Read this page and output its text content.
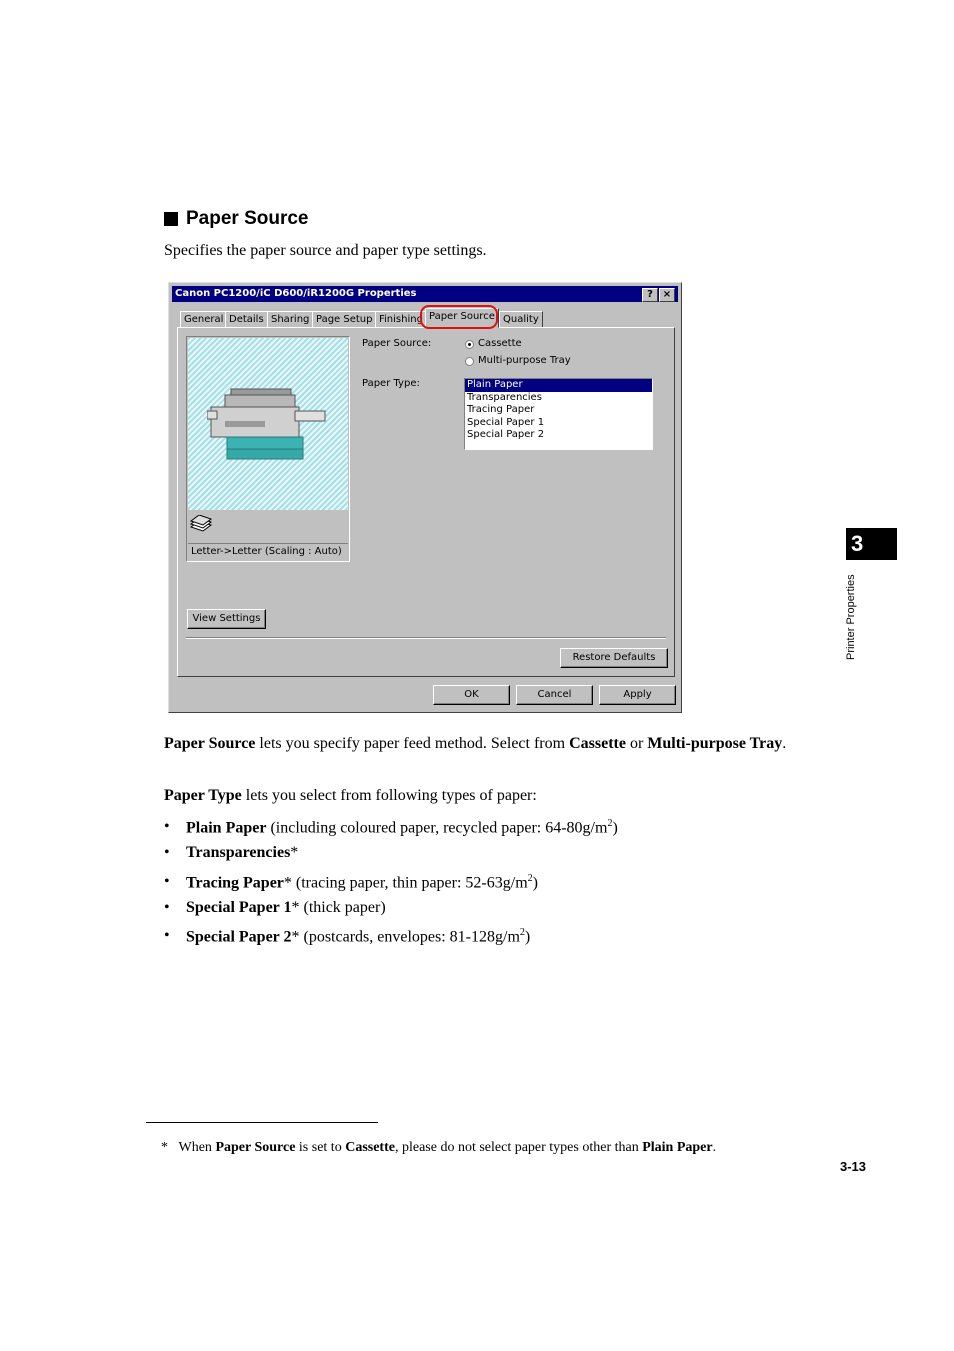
Paper Source
Specifies the paper source and paper type settings.
Canon PC1200/iC D600/iR1200G Properties	? ×
General Details Sharing Page Setup Finishing Paper Source Quality
Letter->Letter (Scaling : Auto)
Paper Source:	Cassette
Multi-purpose Tray
Paper Type:	Plain Paper
Transparencies
Tracing Paper
Special Paper 1
Special Paper 2
View Settings
Restore Defaults
OK	Cancel	Apply
Paper Source lets you specify paper feed method. Select from Cassette or Multi-purpose Tray.
Paper Type lets you select from following types of paper:
• Plain Paper (including coloured paper, recycled paper: $64-80g/m^2$)
• Transparencies*
• Tracing Paper* (tracing paper, thin paper: $52-63g/m^2$)
• Special Paper 1* (thick paper)
• Special Paper 2* (postcards, envelopes: $81-128g/m^2$)
* When Paper Source is set to Cassette, please do not select paper types other than Plain Paper.
3
Printer Properties
3-13
